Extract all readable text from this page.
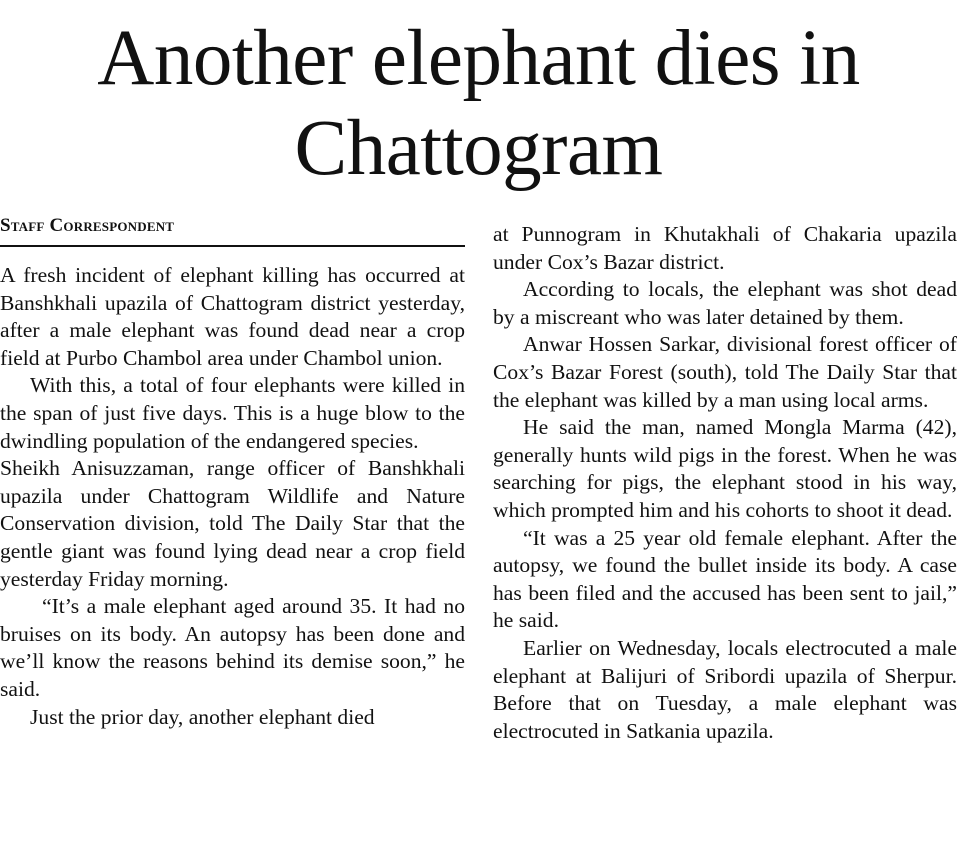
Another elephant dies in Chattogram
Staff Correspondent

A fresh incident of elephant killing has occurred at Banshkhali upazila of Chattogram district yesterday, after a male elephant was found dead near a crop field at Purbo Chambol area under Chambol union.

With this, a total of four elephants were killed in the span of just five days. This is a huge blow to the dwindling population of the endangered species.

Sheikh Anisuzzaman, range officer of Banshkhali upazila under Chattogram Wildlife and Nature Conservation division, told The Daily Star that the gentle giant was found lying dead near a crop field yesterday Friday morning.

“It’s a male elephant aged around 35. It had no bruises on its body. An autopsy has been done and we’ll know the reasons behind its demise soon,” he said.

Just the prior day, another elephant died

at Punnogram in Khutakhali of Chakaria upazila under Cox’s Bazar district.

According to locals, the elephant was shot dead by a miscreant who was later detained by them.

Anwar Hossen Sarkar, divisional forest officer of Cox’s Bazar Forest (south), told The Daily Star that the elephant was killed by a man using local arms.

He said the man, named Mongla Marma (42), generally hunts wild pigs in the forest. When he was searching for pigs, the elephant stood in his way, which prompted him and his cohorts to shoot it dead.

“It was a 25 year old female elephant. After the autopsy, we found the bullet inside its body. A case has been filed and the accused has been sent to jail,” he said.

Earlier on Wednesday, locals electrocuted a male elephant at Balijuri of Sribordi upazila of Sherpur. Before that on Tuesday, a male elephant was electrocuted in Satkania upazila.
